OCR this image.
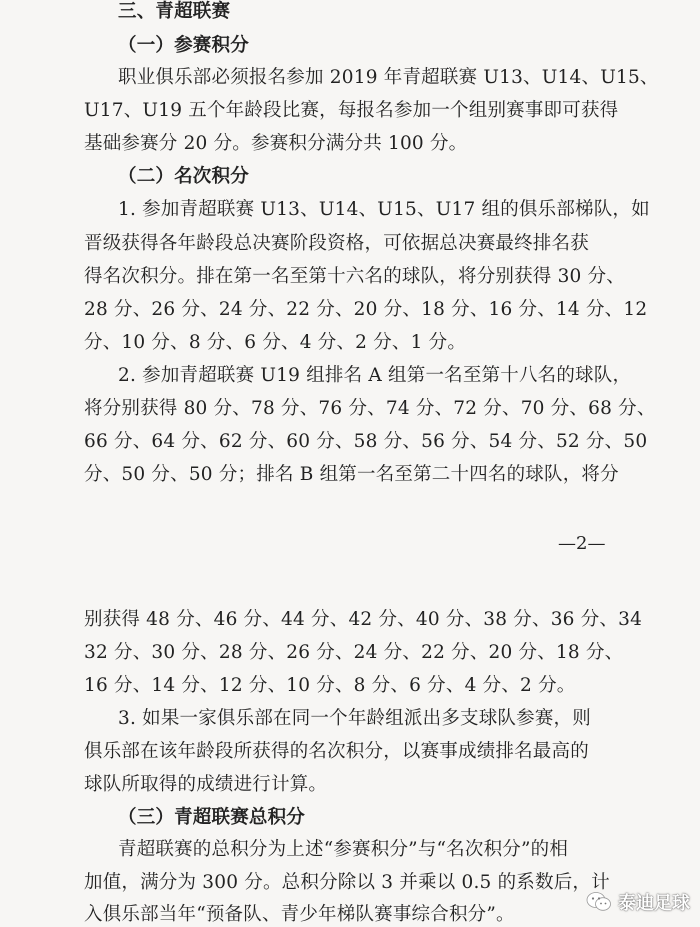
三、青超联赛
（一）参赛积分
职业俱乐部必须报名参加 2019 年青超联赛 U13、U14、U15、
U17、U19 五个年龄段比赛，每报名参加一个组别赛事即可获得
基础参赛分 20 分。参赛积分满分共 100 分。
（二）名次积分
1. 参加青超联赛 U13、U14、U15、U17 组的俱乐部梯队，如
晋级获得各年龄段总决赛阶段资格，可依据总决赛最终排名获
得名次积分。排在第一名至第十六名的球队，将分别获得 30 分、
28 分、26 分、24 分、22 分、20 分、18 分、16 分、14 分、12
分、10 分、8 分、6 分、4 分、2 分、1 分。
2. 参加青超联赛 U19 组排名 A 组第一名至第十八名的球队，
将分别获得 80 分、78 分、76 分、74 分、72 分、70 分、68 分、
66 分、64 分、62 分、60 分、58 分、56 分、54 分、52 分、50
分、50 分、50 分；排名 B 组第一名至第二十四名的球队，将分
—2—
别获得 48 分、46 分、44 分、42 分、40 分、38 分、36 分、34
32 分、30 分、28 分、26 分、24 分、22 分、20 分、18 分、
16 分、14 分、12 分、10 分、8 分、6 分、4 分、2 分。
3. 如果一家俱乐部在同一个年龄组派出多支球队参赛，则
俱乐部在该年龄段所获得的名次积分，以赛事成绩排名最高的
球队所取得的成绩进行计算。
（三）青超联赛总积分
青超联赛的总积分为上述“参赛积分”与“名次积分”的相
加值，满分为 300 分。总积分除以 3 并乘以 0.5 的系数后，计
入俱乐部当年“预备队、青少年梯队赛事综合积分”。
泰迪足球
